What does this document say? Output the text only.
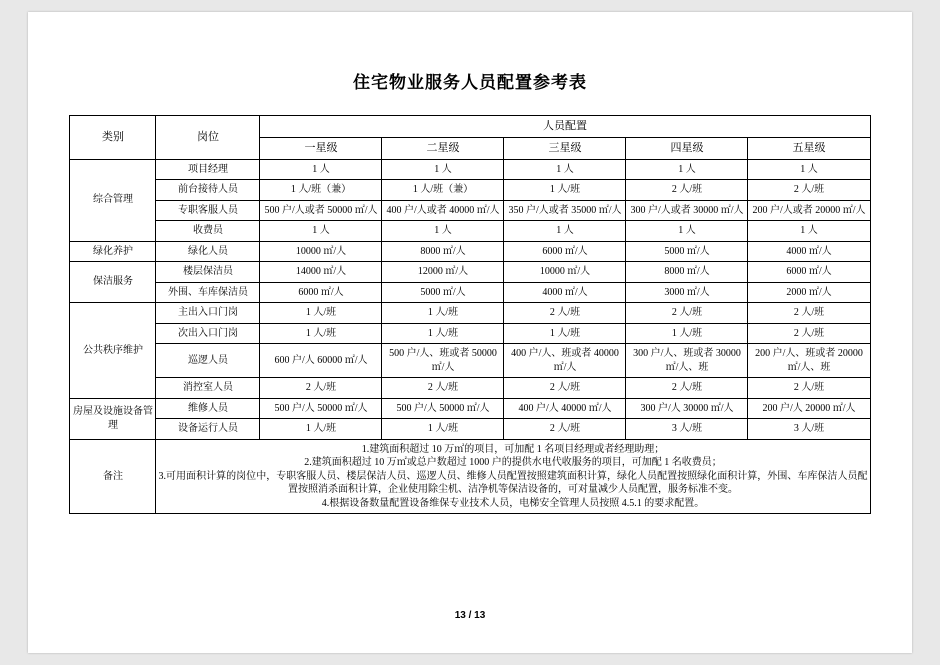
住宅物业服务人员配置参考表
类别	岗位	人员配置				
		一星级	二星级	三星级	四星级	五星级
综合管理	项目经理	1 人	1 人	1 人	1 人	1 人
	前台接待人员	1 人/班（兼）	1 人/班（兼）	1 人/班	2 人/班	2 人/班
	专职客服人员	500 户/人或者 50000 ㎡/人	400 户/人或者 40000 ㎡/人	350 户/人或者 35000 ㎡/人	300 户/人或者 30000 ㎡/人	200 户/人或者 20000 ㎡/人
	收费员	1 人	1 人	1 人	1 人	1 人
绿化养护	绿化人员	10000 ㎡/人	8000 ㎡/人	6000 ㎡/人	5000 ㎡/人	4000 ㎡/人
保洁服务	楼层保洁员	14000 ㎡/人	12000 ㎡/人	10000 ㎡/人	8000 ㎡/人	6000 ㎡/人
	外围、车库保洁员	6000 ㎡/人	5000 ㎡/人	4000 ㎡/人	3000 ㎡/人	2000 ㎡/人
公共秩序维护	主出入口门岗	1 人/班	1 人/班	2 人/班	2 人/班	2 人/班
	次出入口门岗	1 人/班	1 人/班	1 人/班	1 人/班	2 人/班
	巡逻人员	600 户/人 60000 ㎡/人	500 户/人、班或者 50000 ㎡/人	400 户/人、班或者 40000 ㎡/人	300 户/人、班或者 30000 ㎡/人、班	200 户/人、班或者 20000 ㎡/人、班
	消控室人员	2 人/班	2 人/班	2 人/班	2 人/班	2 人/班
房屋及设施设备管理	维修人员	500 户/人 50000 ㎡/人	500 户/人 50000 ㎡/人	400 户/人 40000 ㎡/人	300 户/人 30000 ㎡/人	200 户/人 20000 ㎡/人
	设备运行人员	1 人/班	1 人/班	2 人/班	3 人/班	3 人/班
备注	1.建筑面积超过 10 万㎡的项目，可加配 1 名项目经理或者经理助理；

2.建筑面积超过 10 万㎡或总户数超过 1000 户的提供水电代收服务的项目，可加配 1 名收费员；

3.可用面积计算的岗位中，专职客服人员、楼层保洁人员、巡逻人员、维修人员配置按照建筑面积计算，绿化人员配置按照绿化面积计算，外围、车库保洁人员配置按照消杀面积计算，企业使用除尘机、洁净机等保洁设备的，可对量减少人员配置，服务标准不变。

4.根据设备数量配置设备维保专业技术人员，电梯安全管理人员按照 4.5.1 的要求配置。					

13 / 13
